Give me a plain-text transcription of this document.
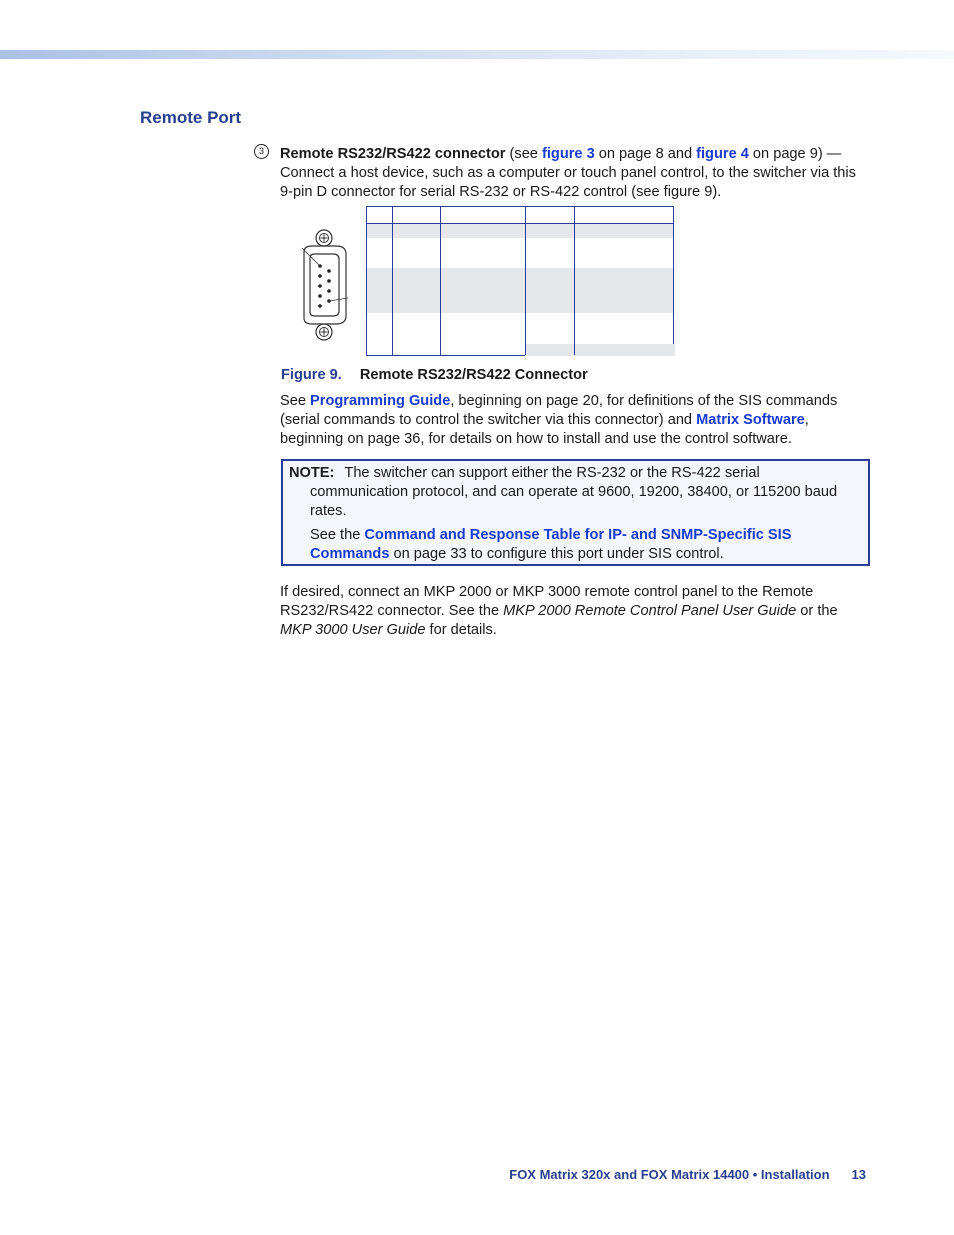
Remote Port
3	Remote RS232/RS422 connector (see figure 3 on page 8 and figure 4 on page 9) — Connect a host device, such as a computer or touch panel control, to the switcher via this 9-pin D connector for serial RS-232 or RS-422 control (see figure 9).

Figure 9. Remote RS232/RS422 Connector

See Programming Guide, beginning on page 20, for definitions of the SIS commands (serial commands to control the switcher via this connector) and Matrix Software, beginning on page 36, for details on how to install and use the control software.

NOTE: The switcher can support either the RS-232 or the RS-422 serial communication protocol, and can operate at 9600, 19200, 38400, or 115200 baud rates.

See the Command and Response Table for IP- and SNMP-Specific SIS Commands on page 33 to configure this port under SIS control.

If desired, connect an MKP 2000 or MKP 3000 remote control panel to the Remote RS232/RS422 connector. See the MKP 2000 Remote Control Panel User Guide or the MKP 3000 User Guide for details.

FOX Matrix 320x and FOX Matrix 14400 • Installation 13
